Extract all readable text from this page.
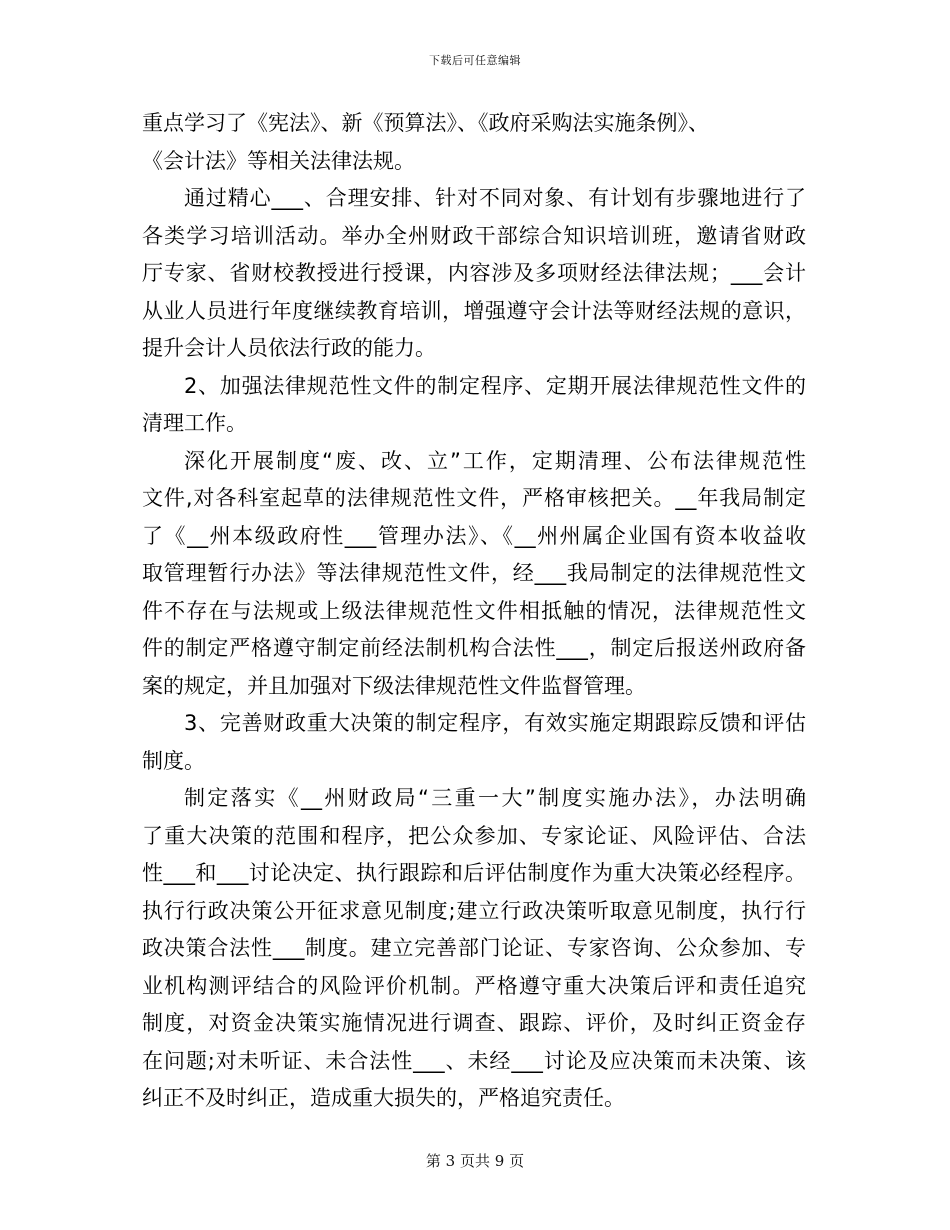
下载后可任意编辑
重点学习了《宪法》、新《预算法》、《政府采购法实施条例》、
《会计法》等相关法律法规。
通过精心___、合理安排、针对不同对象、有计划有步骤地进行了
各类学习培训活动。举办全州财政干部综合知识培训班，邀请省财政
厅专家、省财校教授进行授课，内容涉及多项财经法律法规；___会计
从业人员进行年度继续教育培训，增强遵守会计法等财经法规的意识，
提升会计人员依法行政的能力。
2、加强法律规范性文件的制定程序、定期开展法律规范性文件的
清理工作。
深化开展制度“废、改、立”工作，定期清理、公布法律规范性
文件,对各科室起草的法律规范性文件，严格审核把关。__年我局制定
了《__州本级政府性___管理办法》、《__州州属企业国有资本收益收
取管理暂行办法》等法律规范性文件，经___我局制定的法律规范性文
件不存在与法规或上级法律规范性文件相抵触的情况，法律规范性文
件的制定严格遵守制定前经法制机构合法性___，制定后报送州政府备
案的规定，并且加强对下级法律规范性文件监督管理。
3、完善财政重大决策的制定程序，有效实施定期跟踪反馈和评估
制度。
制定落实《__州财政局“三重一大”制度实施办法》，办法明确
了重大决策的范围和程序，把公众参加、专家论证、风险评估、合法
性___和___讨论决定、执行跟踪和后评估制度作为重大决策必经程序。
执行行政决策公开征求意见制度;建立行政决策听取意见制度，执行行
政决策合法性___制度。建立完善部门论证、专家咨询、公众参加、专
业机构测评结合的风险评价机制。严格遵守重大决策后评和责任追究
制度，对资金决策实施情况进行调查、跟踪、评价，及时纠正资金存
在问题;对未听证、未合法性___、未经___讨论及应决策而未决策、该
纠正不及时纠正，造成重大损失的，严格追究责任。
第 3 页共 9 页
